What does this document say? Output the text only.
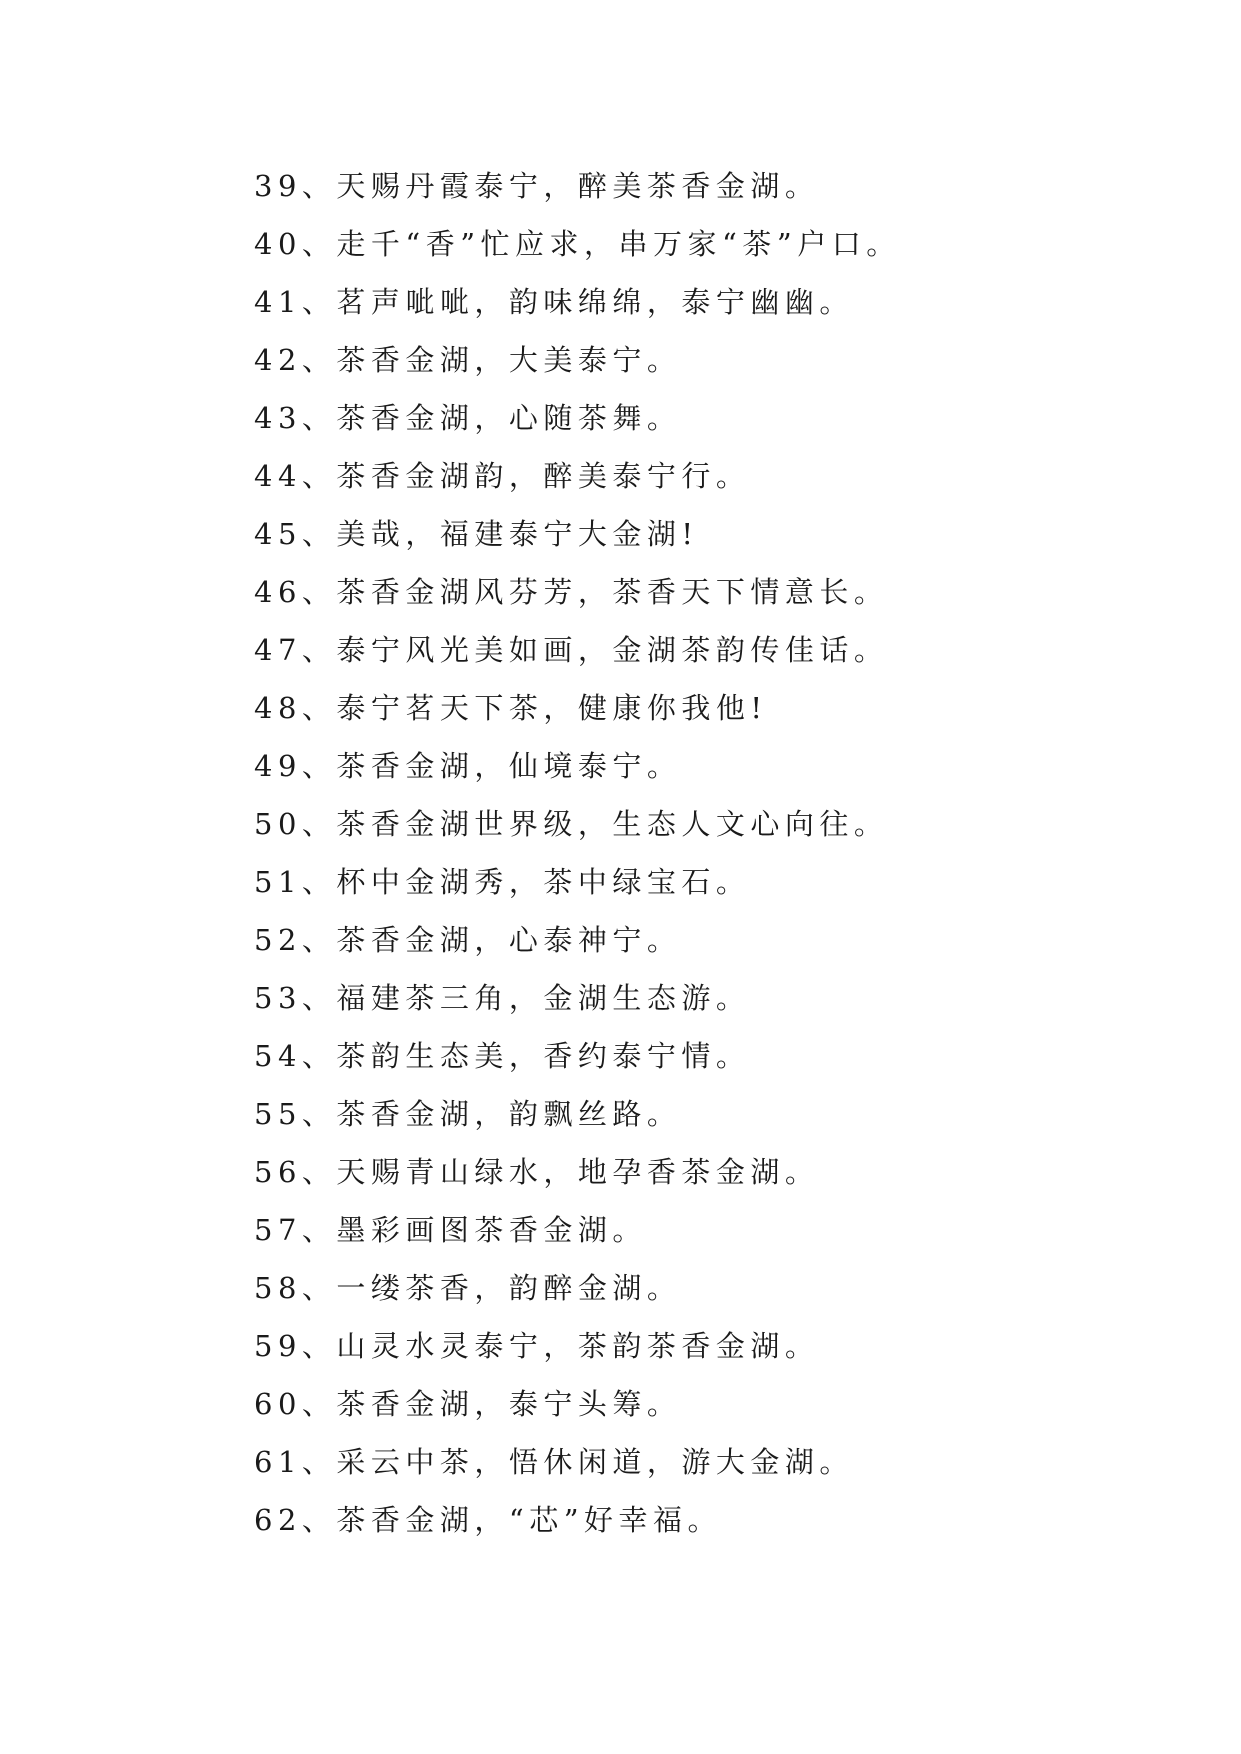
39、天赐丹霞泰宁，醉美茶香金湖。
40、走千“香”忙应求，串万家“茶”户口。
41、茗声呲呲，韵味绵绵，泰宁幽幽。
42、茶香金湖，大美泰宁。
43、茶香金湖，心随茶舞。
44、茶香金湖韵，醉美泰宁行。
45、美哉，福建泰宁大金湖!
46、茶香金湖风芬芳，茶香天下情意长。
47、泰宁风光美如画，金湖茶韵传佳话。
48、泰宁茗天下茶，健康你我他!
49、茶香金湖，仙境泰宁。
50、茶香金湖世界级，生态人文心向往。
51、杯中金湖秀，茶中绿宝石。
52、茶香金湖，心泰神宁。
53、福建茶三角，金湖生态游。
54、茶韵生态美，香约泰宁情。
55、茶香金湖，韵飘丝路。
56、天赐青山绿水，地孕香茶金湖。
57、墨彩画图茶香金湖。
58、一缕茶香，韵醉金湖。
59、山灵水灵泰宁，茶韵茶香金湖。
60、茶香金湖，泰宁头筹。
61、采云中茶，悟休闲道，游大金湖。
62、茶香金湖，“芯”好幸福。
